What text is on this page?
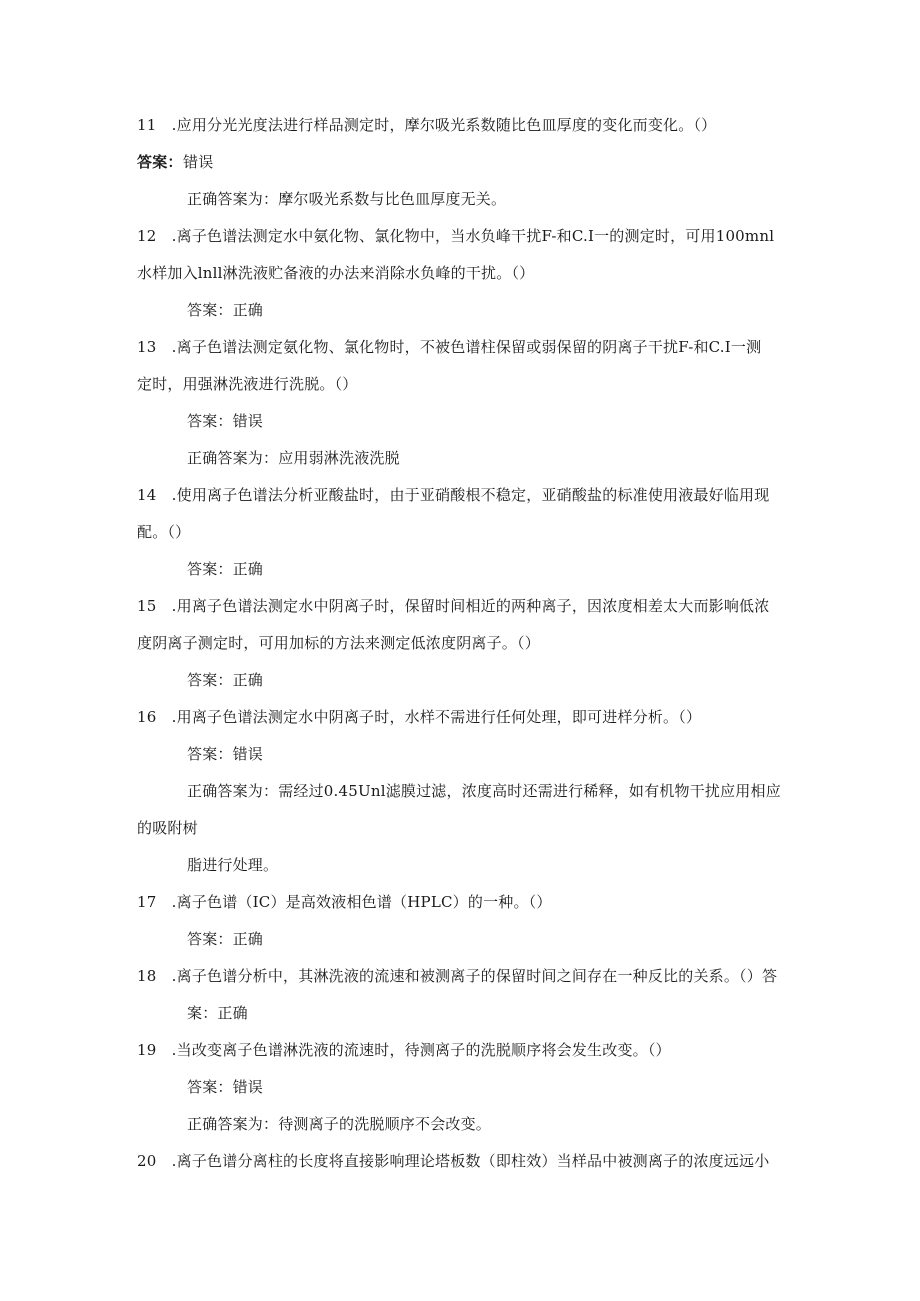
11　.应用分光光度法进行样品测定时，摩尔吸光系数随比色皿厚度的变化而变化。（）
答案： 错误
正确答案为：摩尔吸光系数与比色皿厚度无关。
12　.离子色谱法测定水中氨化物、氯化物中，当水负峰干扰F-和C.I一的测定时，可用100mnl
水样加入lnll淋洗液贮备液的办法来消除水负峰的干扰。（）
答案：正确
13　.离子色谱法测定氨化物、氯化物时，不被色谱柱保留或弱保留的阴离子干扰F-和C.I一测
定时，用强淋洗液进行洗脱。（）
答案：错误
正确答案为：应用弱淋洗液洗脱
14　.使用离子色谱法分析亚酸盐时，由于亚硝酸根不稳定，亚硝酸盐的标准使用液最好临用现
配。（）
答案：正确
15　.用离子色谱法测定水中阴离子时，保留时间相近的两种离子，因浓度相差太大而影响低浓
度阴离子测定时，可用加标的方法来测定低浓度阴离子。（）
答案：正确
16　.用离子色谱法测定水中阴离子时，水样不需进行任何处理，即可进样分析。（）
答案：错误
正确答案为：需经过0.45Unl滤膜过滤，浓度高时还需进行稀释，如有机物干扰应用相应
的吸附树
脂进行处理。
17　.离子色谱（IC）是高效液相色谱（HPLC）的一种。（）
答案：正确
18　.离子色谱分析中，其淋洗液的流速和被测离子的保留时间之间存在一种反比的关系。（）答
案：正确
19　.当改变离子色谱淋洗液的流速时，待测离子的洗脱顺序将会发生改变。（）
答案：错误
正确答案为：待测离子的洗脱顺序不会改变。
20　.离子色谱分离柱的长度将直接影响理论塔板数（即柱效）当样品中被测离子的浓度远远小
